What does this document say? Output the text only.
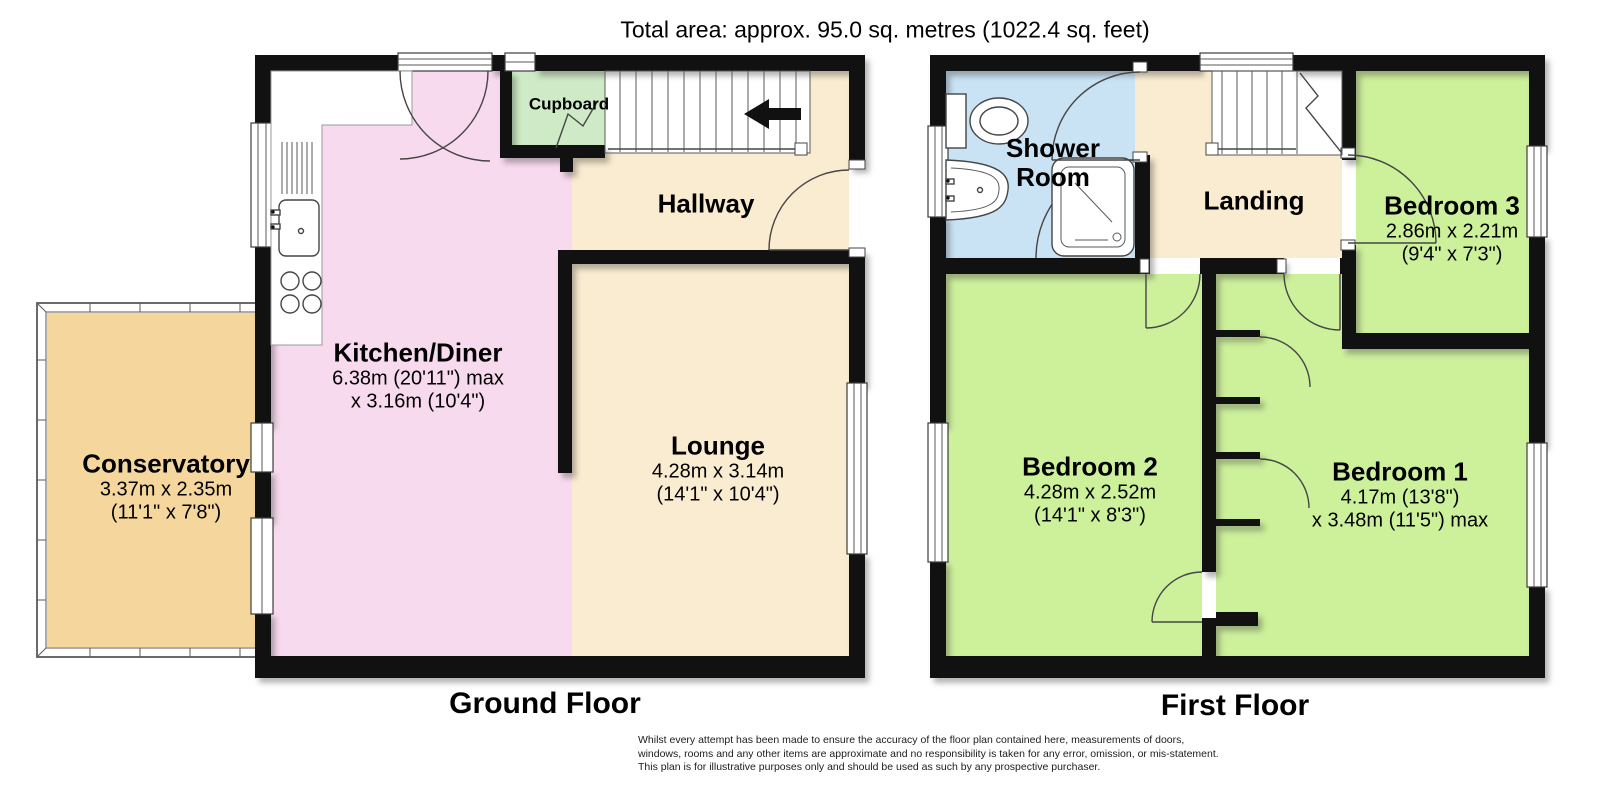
Total area: approx. 95.0 sq. metres (1022.4 sq. feet)
Cupboard
Hallway
Kitchen/Diner
6.38m (20'11") max
x 3.16m (10'4")
Lounge
4.28m x 3.14m
(14'1" x 10'4")
Conservatory
3.37m x 2.35m
(11'1" x 7'8")
Shower Room
Landing	Bedroom 3
2.86m x 2.21m
(9'4" x 7'3")
Bedroom 2
4.28m x 2.52m
(14'1" x 8'3")
Bedroom 1
4.17m (13'8")
x 3.48m (11'5") max
Ground Floor	First Floor
Whilst every attempt has been made to ensure the accuracy of the floor plan contained here, measurements of doors,
windows, rooms and any other items are approximate and no responsibility is taken for any error, omission, or mis-statement.
This plan is for illustrative purposes only and should be used as such by any prospective purchaser.
